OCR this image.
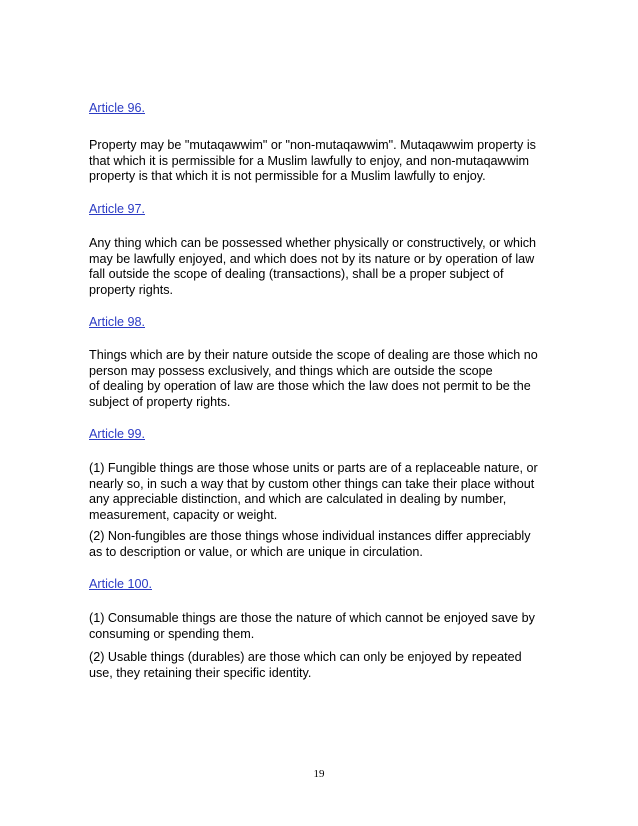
Article 96.
Property may be "mutaqawwim" or "non-mutaqawwim". Mutaqawwim property is
that which it is permissible for a Muslim lawfully to enjoy, and non-mutaqawwim
property is that which it is not permissible for a Muslim lawfully to enjoy.
Article 97.
Any thing which can be possessed whether physically or constructively, or which
may be lawfully enjoyed, and which does not by its nature or by operation of law
fall outside the scope of dealing (transactions), shall be a proper subject of
property rights.
Article 98.
Things which are by their nature outside the scope of dealing are those which no
person may possess exclusively, and things which are outside the scope
of dealing by operation of law are those which the law does not permit to be the
subject of property rights.
Article 99.
(1) Fungible things are those whose units or parts are of a replaceable nature, or
nearly so, in such a way that by custom other things can take their place without
any appreciable distinction, and which are calculated in dealing by number,
measurement, capacity or weight.
(2) Non-fungibles are those things whose individual instances differ appreciably
as to description or value, or which are unique in circulation.
Article 100.
(1) Consumable things are those the nature of which cannot be enjoyed save by
consuming or spending them.
(2) Usable things (durables) are those which can only be enjoyed by repeated
use, they retaining their specific identity.
19
